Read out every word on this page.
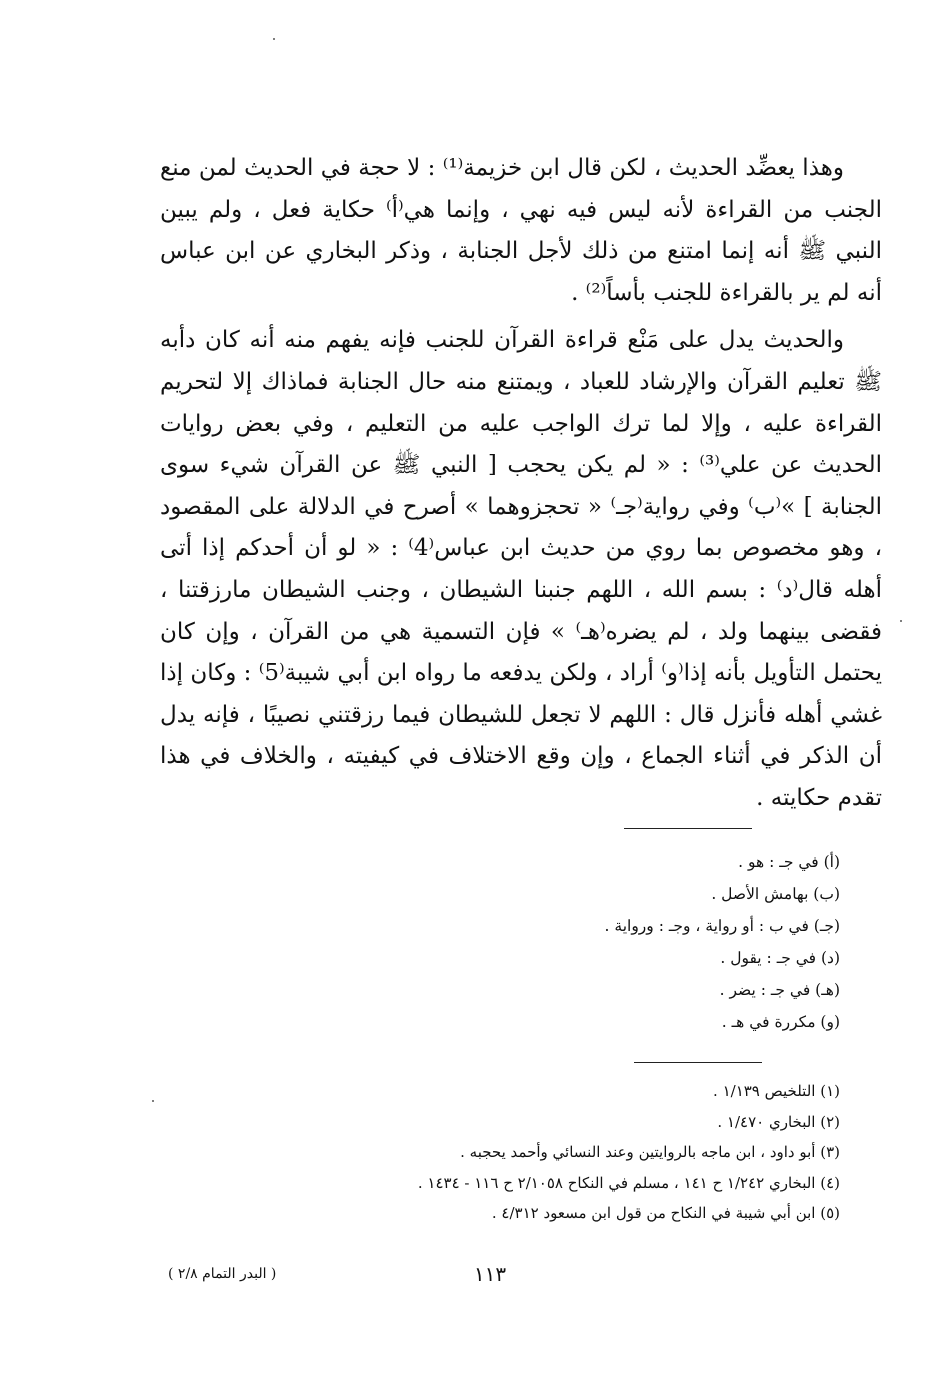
وهذا يعضِّد الحديث ، لكن قال ابن خزيمة⁽¹⁾ : لا حجة في الحديث لمن منع الجنب من القراءة لأنه ليس فيه نهي ، وإنما هي⁽أ⁾ حكاية فعل ، ولم يبين النبي ﷺ أنه إنما امتنع من ذلك لأجل الجنابة ، وذكر البخاري عن ابن عباس أنه لم ير بالقراءة للجنب بأساً⁽²⁾ .

والحديث يدل على مَنْع قراءة القرآن للجنب فإنه يفهم منه أنه كان دأبه ﷺ تعليم القرآن والإرشاد للعباد ، ويمتنع منه حال الجنابة فماذاك إلا لتحريم القراءة عليه ، وإلا لما ترك الواجب عليه من التعليم ، وفي بعض روايات الحديث عن علي⁽³⁾ : « لم يكن يحجب [ النبي ﷺ عن القرآن شيء سوى الجنابة ] »⁽ب⁾ وفي رواية⁽جـ⁾ « تحجزوهما » أصرح في الدلالة على المقصود ، وهو مخصوص بما روي من حديث ابن عباس⁽4⁾ : « لو أن أحدكم إذا أتى أهله قال⁽د⁾ : بسم الله ، اللهم جنبنا الشيطان ، وجنب الشيطان مارزقتنا ، فقضى بينهما ولد ، لم يضره⁽هـ⁾ » فإن التسمية هي من القرآن ، وإن كان يحتمل التأويل بأنه إذا⁽و⁾ أراد ، ولكن يدفعه ما رواه ابن أبي شيبة⁽5⁾ : وكان إذا غشي أهله فأنزل قال : اللهم لا تجعل للشيطان فيما رزقتني نصيبًا ، فإنه يدل أن الذكر في أثناء الجماع ، وإن وقع الاختلاف في كيفيته ، والخلاف في هذا تقدم حكايته .

(أ) في جـ : هو .
(ب) بهامش الأصل .
(جـ) في ب : أو رواية ، وجـ : ورواية .
(د) في جـ : يقول .
(هـ) في جـ : يضر .
(و) مكررة في هـ .
(١) التلخيص ١/١٣٩ .
(٢) البخاري ١/٤٧٠ .
(٣) أبو داود ، ابن ماجه بالروايتين وعند النسائي وأحمد يحجبه .
(٤) البخاري ١/٢٤٢ ح ١٤١ ، مسلم في النكاح ٢/١٠٥٨ ح ١١٦ - ١٤٣٤ .
(٥) ابن أبي شيبة في النكاح من قول ابن مسعود ٤/٣١٢ .
١١٣
( البدر التمام ٢/٨ )
